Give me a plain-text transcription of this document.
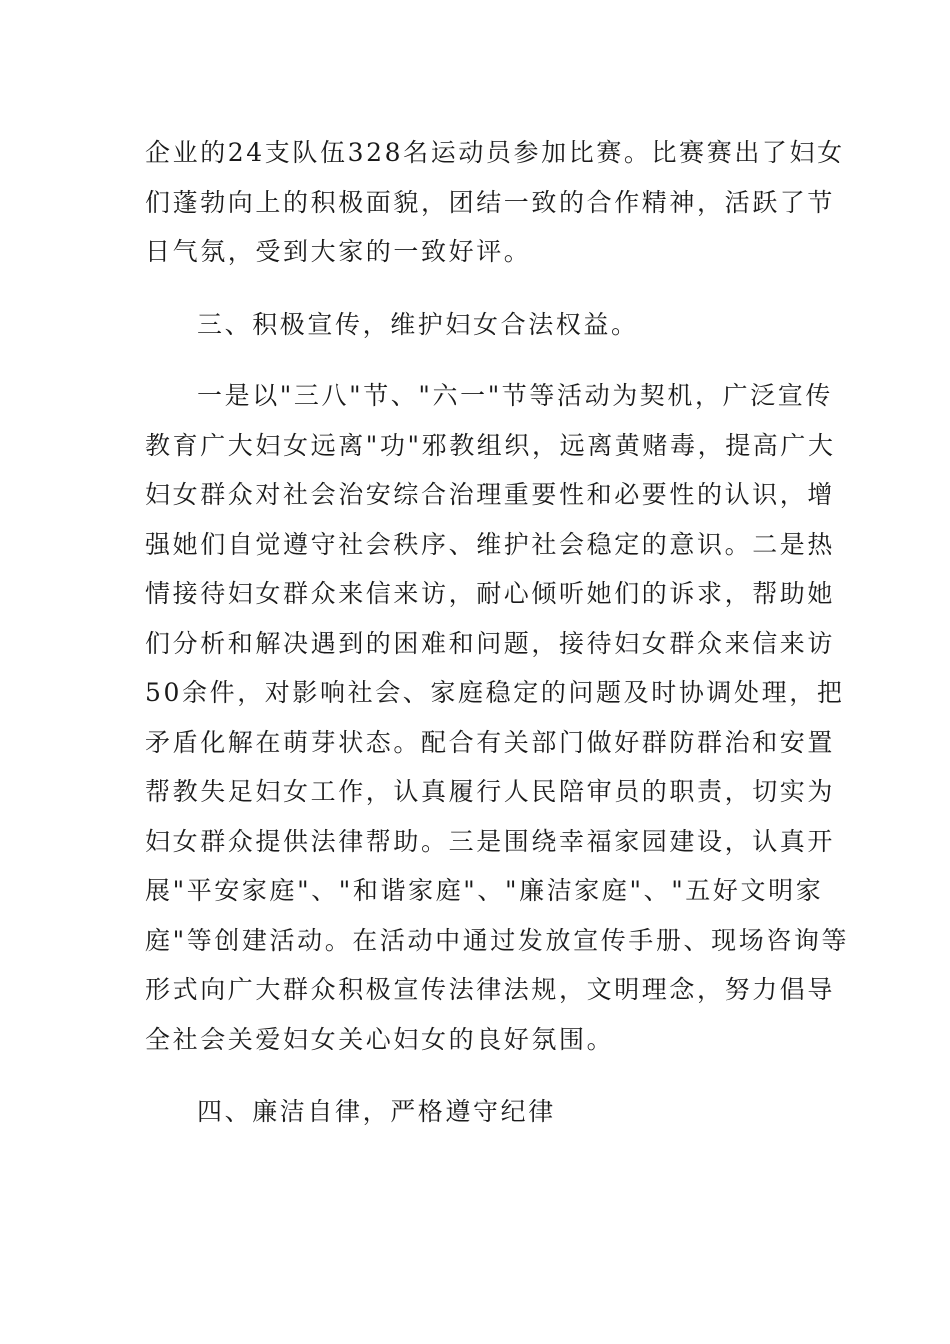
企业的24支队伍328名运动员参加比赛。比赛赛出了妇女
们蓬勃向上的积极面貌，团结一致的合作精神，活跃了节
日气氛，受到大家的一致好评。
三、积极宣传，维护妇女合法权益。
一是以"三八"节、"六一"节等活动为契机，广泛宣传
教育广大妇女远离"功"邪教组织，远离黄赌毒，提高广大
妇女群众对社会治安综合治理重要性和必要性的认识，增
强她们自觉遵守社会秩序、维护社会稳定的意识。二是热
情接待妇女群众来信来访，耐心倾听她们的诉求，帮助她
们分析和解决遇到的困难和问题，接待妇女群众来信来访
50余件，对影响社会、家庭稳定的问题及时协调处理，把
矛盾化解在萌芽状态。配合有关部门做好群防群治和安置
帮教失足妇女工作，认真履行人民陪审员的职责，切实为
妇女群众提供法律帮助。三是围绕幸福家园建设，认真开
展"平安家庭"、"和谐家庭"、"廉洁家庭"、"五好文明家
庭"等创建活动。在活动中通过发放宣传手册、现场咨询等
形式向广大群众积极宣传法律法规，文明理念，努力倡导
全社会关爱妇女关心妇女的良好氛围。
四、廉洁自律，严格遵守纪律
